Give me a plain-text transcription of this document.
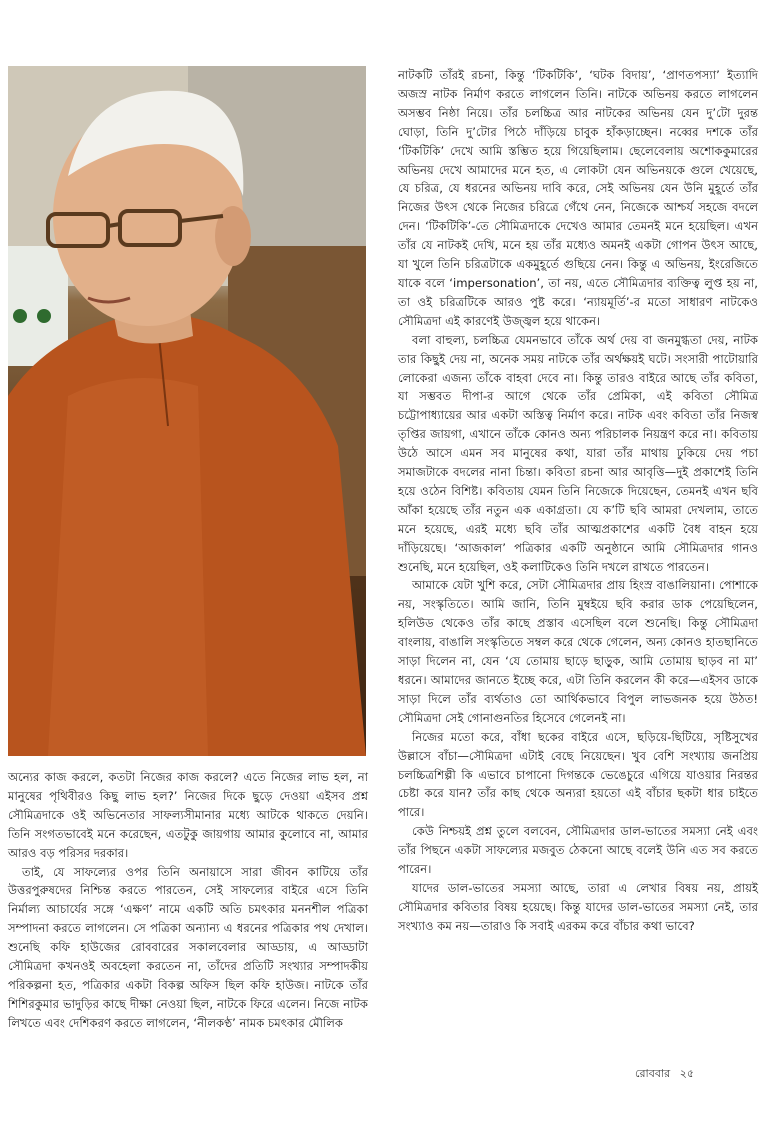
নাটকটি তাঁরই রচনা, কিন্তু ‘টিকটিকি’, ‘ঘটক বিদায়’, ‘প্রাণতপস্যা’ ইত্যাদি অজস্র নাটক নির্মাণ করতে লাগলেন তিনি। নাটকে অভিনয় করতে লাগলেন অসম্ভব নিষ্ঠা নিয়ে। তাঁর চলচ্চিত্র আর নাটকের অভিনয় যেন দু’টো দুরন্ত ঘোড়া, তিনি দু’টোর পিঠে দাঁড়িয়ে চাবুক হাঁকড়াচ্ছেন। নব্বের দশকে তাঁর ‘টিকটিকি’ দেখে আমি স্তম্ভিত হয়ে গিয়েছিলাম। ছেলেবেলায় অশোককুমারের অভিনয় দেখে আমাদের মনে হত, এ লোকটা যেন অভিনয়কে গুলে খেয়েছে, যে চরিত্র, যে ধরনের অভিনয় দাবি করে, সেই অভিনয় যেন উনি মুহূর্তে তাঁর নিজের উৎস থেকে নিজের চরিত্রে গেঁথে নেন, নিজেকে আশ্চর্য সহজে বদলে দেন। ‘টিকটিকি’-তে সৌমিত্রদাকে দেখেও আমার তেমনই মনে হয়েছিল। এখন তাঁর যে নাটকই দেখি, মনে হয় তাঁর মধ্যেও অমনই একটা গোপন উৎস আছে, যা খুলে তিনি চরিত্রটাকে একমুহূর্তে গুছিয়ে নেন। কিন্তু এ অভিনয়, ইংরেজিতে যাকে বলে ‘impersonation’, তা নয়, এতে সৌমিত্রদার ব্যক্তিত্ব লুপ্ত হয় না, তা ওই চরিত্রটিকে আরও পুষ্ট করে। ‘ন্যায়মূর্তি’-র মতো সাধারণ নাটকেও সৌমিত্রদা এই কারণেই উজ্জ্বল হয়ে থাকেন।

বলা বাহুল্য, চলচ্চিত্র যেমনভাবে তাঁকে অর্থ দেয় বা জনমুগ্ধতা দেয়, নাটক তার কিছুই দেয় না, অনেক সময় নাটকে তাঁর অর্থক্ষয়ই ঘটে। সংসারী পাটোয়ারি লোকেরা এজন্য তাঁকে বাহবা দেবে না। কিন্তু তারও বাইরে আছে তাঁর কবিতা, যা সম্ভবত দীপা-র আগে থেকে তাঁর প্রেমিকা, এই কবিতা সৌমিত্র চট্টোপাধ্যায়ের আর একটা অস্তিত্ব নির্মাণ করে। নাটক এবং কবিতা তাঁর নিজস্ব তৃপ্তির জায়গা, এখানে তাঁকে কোনও অন্য পরিচালক নিয়ন্ত্রণ করে না। কবিতায় উঠে আসে এমন সব মানুষের কথা, যারা তাঁর মাথায় ঢুকিয়ে দেয় পচা সমাজটাকে বদলের নানা চিন্তা। কবিতা রচনা আর আবৃত্তি—দুই প্রকাশেই তিনি হয়ে ওঠেন বিশিষ্ট। কবিতায় যেমন তিনি নিজেকে দিয়েছেন, তেমনই এখন ছবি আঁকা হয়েছে তাঁর নতুন এক একাগ্রতা। যে ক’টি ছবি আমরা দেখলাম, তাতে মনে হয়েছে, এরই মধ্যে ছবি তাঁর আত্মপ্রকাশের একটি বৈধ বাহন হয়ে দাঁড়িয়েছে। ‘আজকাল’ পত্রিকার একটি অনুষ্ঠানে আমি সৌমিত্রদার গানও শুনেছি, মনে হয়েছিল, ওই কলাটিকেও তিনি দখলে রাখতে পারতেন।

আমাকে যেটা খুশি করে, সেটা সৌমিত্রদার প্রায় হিংস্র বাঙালিয়ানা। পোশাকে নয়, সংস্কৃতিতে। আমি জানি, তিনি মুম্বইয়ে ছবি করার ডাক পেয়েছিলেন, হলিউড থেকেও তাঁর কাছে প্রস্তাব এসেছিল বলে শুনেছি। কিন্তু সৌমিত্রদা বাংলায়, বাঙালি সংস্কৃতিতে সম্বল করে থেকে গেলেন, অন্য কোনও হাতছানিতে সাড়া দিলেন না, যেন ‘যে তোমায় ছাড়ে ছাড়ুক, আমি তোমায় ছাড়ব না মা’ ধরনে। আমাদের জানতে ইচ্ছে করে, এটা তিনি করলেন কী করে—এইসব ডাকে সাড়া দিলে তাঁর ব্যর্থতাও তো আর্থিকভাবে বিপুল লাভজনক হয়ে উঠত! সৌমিত্রদা সেই গোনাগুনতির হিসেবে গেলেনই না।

নিজের মতো করে, বাঁধা ছকের বাইরে এসে, ছড়িয়ে-ছিটিয়ে, সৃষ্টিসুখের উল্লাসে বাঁচা—সৌমিত্রদা এটাই বেছে নিয়েছেন। খুব বেশি সংখ্যায় জনপ্রিয় চলচ্চিত্রশিল্পী কি এভাবে চাপানো দিগন্তকে ভেঙেচুরে এগিয়ে যাওয়ার নিরন্তর চেষ্টা করে যান? তাঁর কাছ থেকে অন্যরা হয়তো এই বাঁচার ছকটা ধার চাইতে পারে।

কেউ নিশ্চয়ই প্রশ্ন তুলে বলবেন, সৌমিত্রদার ডাল-ভাতের সমস্যা নেই এবং তাঁর পিছনে একটা সাফল্যের মজবুত ঠেকনো আছে বলেই উনি এত সব করতে পারেন।

যাদের ডাল-ভাতের সমস্যা আছে, তারা এ লেখার বিষয় নয়, প্রায়ই সৌমিত্রদার কবিতার বিষয় হয়েছে। কিন্তু যাদের ডাল-ভাতের সমস্যা নেই, তার সংখ্যাও কম নয়—তারাও কি সবাই এরকম করে বাঁচার কথা ভাবে?

অন্যের কাজ করলে, কতটা নিজের কাজ করলে? এতে নিজের লাভ হল, না মানুষের পৃথিবীরও কিছু লাভ হল?’ নিজের দিকে ছুড়ে দেওয়া এইসব প্রশ্ন সৌমিত্রদাকে ওই অভিনেতার সাফল্যসীমানার মধ্যে আটকে থাকতে দেয়নি। তিনি সংগতভাবেই মনে করেছেন, এতটুকু জায়গায় আমার কুলোবে না, আমার আরও বড় পরিসর দরকার।

তাই, যে সাফল্যের ওপর তিনি অনায়াসে সারা জীবন কাটিয়ে তাঁর উত্তরপুরুষদের নিশ্চিন্ত করতে পারতেন, সেই সাফল্যের বাইরে এসে তিনি নির্মাল্য আচার্যের সঙ্গে ‘এক্ষণ’ নামে একটি অতি চমৎকার মননশীল পত্রিকা সম্পাদনা করতে লাগলেন। সে পত্রিকা অন্যান্য এ ধরনের পত্রিকার পথ দেখাল। শুনেছি কফি হাউজের রোববারের সকালবেলার আড্ডায়, এ আড্ডাটা সৌমিত্রদা কখনওই অবহেলা করতেন না, তাঁদের প্রতিটি সংখ্যার সম্পাদকীয় পরিকল্পনা হত, পত্রিকার একটা বিকল্প অফিস ছিল কফি হাউজ। নাটকে তাঁর শিশিরকুমার ভাদুড়ির কাছে দীক্ষা নেওয়া ছিল, নাটকে ফিরে এলেন। নিজে নাটক লিখতে এবং দেশিকরণ করতে লাগলেন, ‘নীলকণ্ঠ’ নামক চমৎকার মৌলিক

রোববার ২৫
